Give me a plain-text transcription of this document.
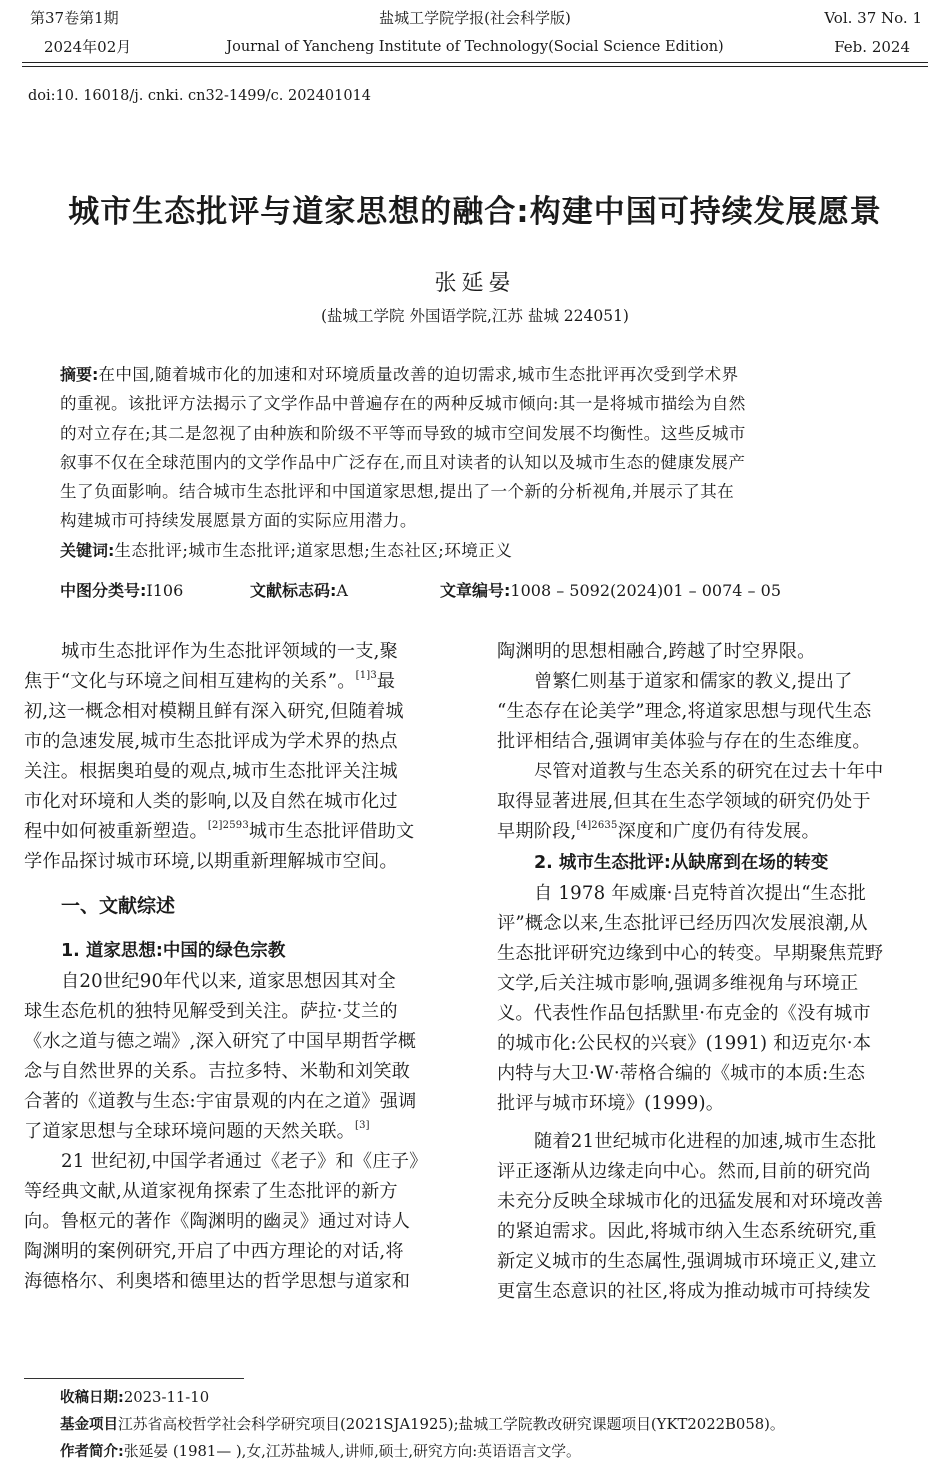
第37卷第1期
2024年02月
盐城工学院学报(社会科学版)
Journal of Yancheng Institute of Technology(Social Science Edition)
Vol. 37 No. 1
Feb. 2024
doi:10. 16018/j. cnki. cn32-1499/c. 202401014
城市生态批评与道家思想的融合:构建中国可持续发展愿景
张延晏
(盐城工学院 外国语学院,江苏 盐城 224051)
摘要:在中国,随着城市化的加速和对环境质量改善的迫切需求,城市生态批评再次受到学术界
的重视。该批评方法揭示了文学作品中普遍存在的两种反城市倾向:其一是将城市描绘为自然
的对立存在;其二是忽视了由种族和阶级不平等而导致的城市空间发展不均衡性。这些反城市
叙事不仅在全球范围内的文学作品中广泛存在,而且对读者的认知以及城市生态的健康发展产
生了负面影响。结合城市生态批评和中国道家思想,提出了一个新的分析视角,并展示了其在
构建城市可持续发展愿景方面的实际应用潜力。
关键词:生态批评;城市生态批评;道家思想;生态社区;环境正义
中图分类号:I106	文献标志码:A	文章编号:1008 – 5092(2024)01 – 0074 – 05
城市生态批评作为生态批评领域的一支,聚
焦于“文化与环境之间相互建构的关系”。$^{[1]3}$最
初,这一概念相对模糊且鲜有深入研究,但随着城
市的急速发展,城市生态批评成为学术界的热点
关注。根据奥珀曼的观点,城市生态批评关注城
市化对环境和人类的影响,以及自然在城市化过
程中如何被重新塑造。$^{[2]2593}$城市生态批评借助文
学作品探讨城市环境,以期重新理解城市空间。
一、文献综述
1. 道家思想:中国的绿色宗教
自20世纪90年代以来, 道家思想因其对全
球生态危机的独特见解受到关注。萨拉·艾兰的
《水之道与德之端》,深入研究了中国早期哲学概
念与自然世界的关系。吉拉多特、米勒和刘笑敢
合著的《道教与生态:宇宙景观的内在之道》强调
了道家思想与全球环境问题的天然关联。[3]
21 世纪初,中国学者通过《老子》和《庄子》
等经典文献,从道家视角探索了生态批评的新方
向。鲁枢元的著作《陶渊明的幽灵》通过对诗人
陶渊明的案例研究,开启了中西方理论的对话,将
海德格尔、利奥塔和德里达的哲学思想与道家和
陶渊明的思想相融合,跨越了时空界限。
曾繁仁则基于道家和儒家的教义,提出了
“生态存在论美学”理念,将道家思想与现代生态
批评相结合,强调审美体验与存在的生态维度。
尽管对道教与生态关系的研究在过去十年中
取得显著进展,但其在生态学领域的研究仍处于
早期阶段,$^{[4]2635}$深度和广度仍有待发展。
2. 城市生态批评:从缺席到在场的转变
自 1978 年威廉·吕克特首次提出“生态批
评”概念以来,生态批评已经历四次发展浪潮,从
生态批评研究边缘到中心的转变。早期聚焦荒野
文学,后关注城市影响,强调多维视角与环境正
义。代表性作品包括默里·布克金的《没有城市
的城市化:公民权的兴衰》(1991) 和迈克尔·本
内特与大卫·W·蒂格合编的《城市的本质:生态
批评与城市环境》(1999)。
随着21世纪城市化进程的加速,城市生态批
评正逐渐从边缘走向中心。然而,目前的研究尚
未充分反映全球城市化的迅猛发展和对环境改善
的紧迫需求。因此,将城市纳入生态系统研究,重
新定义城市的生态属性,强调城市环境正义,建立
更富生态意识的社区,将成为推动城市可持续发
收稿日期:2023-11-10
基金项目江苏省高校哲学社会科学研究项目(2021SJA1925);盐城工学院教改研究课题项目(YKT2022B058)。
作者简介:张延晏 (1981— ),女,江苏盐城人,讲师,硕士,研究方向:英语语言文学。
